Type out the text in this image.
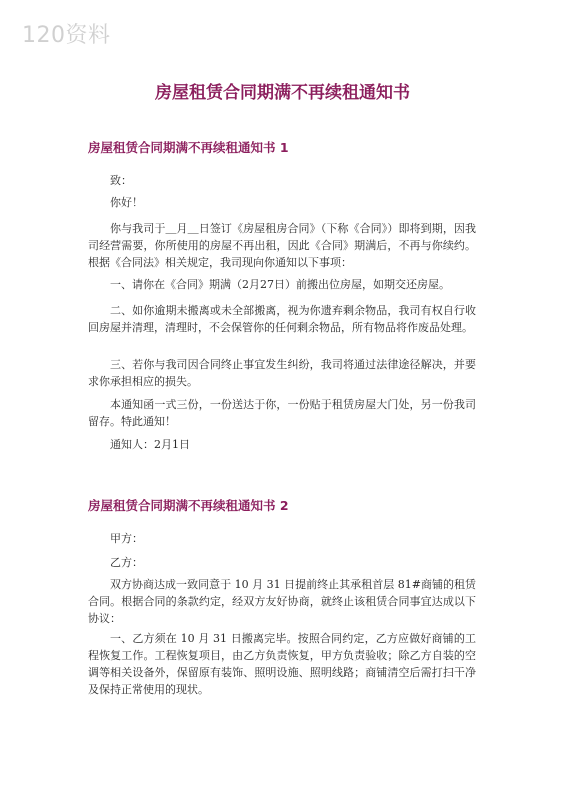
120资料
房屋租赁合同期满不再续租通知书
房屋租赁合同期满不再续租通知书 1

致：

你好！

你与我司于＿月＿日签订《房屋租房合同》（下称《合同》）即将到期，因我司经营需要，你所使用的房屋不再出租，因此《合同》期满后，不再与你续约。根据《合同法》相关规定，我司现向你通知以下事项：

一、请你在《合同》期满（2月27日）前搬出位房屋，如期交还房屋。

二、如你逾期未搬离或未全部搬离，视为你遗弃剩余物品，我司有权自行收回房屋并清理，清理时，不会保管你的任何剩余物品，所有物品将作废品处理。

三、若你与我司因合同终止事宜发生纠纷，我司将通过法律途径解决，并要求你承担相应的损失。

本通知函一式三份，一份送达于你，一份贴于租赁房屋大门处，另一份我司留存。特此通知！

通知人：2月1日

房屋租赁合同期满不再续租通知书 2

甲方：

乙方：

双方协商达成一致同意于 10 月 31 日提前终止其承租首层 81#商铺的租赁合同。根据合同的条款约定，经双方友好协商，就终止该租赁合同事宜达成以下协议：

一、乙方须在 10 月 31 日搬离完毕。按照合同约定，乙方应做好商铺的工程恢复工作。工程恢复项目，由乙方负责恢复，甲方负责验收；除乙方自装的空调等相关设备外，保留原有装饰、照明设施、照明线路；商铺清空后需打扫干净及保持正常使用的现状。
